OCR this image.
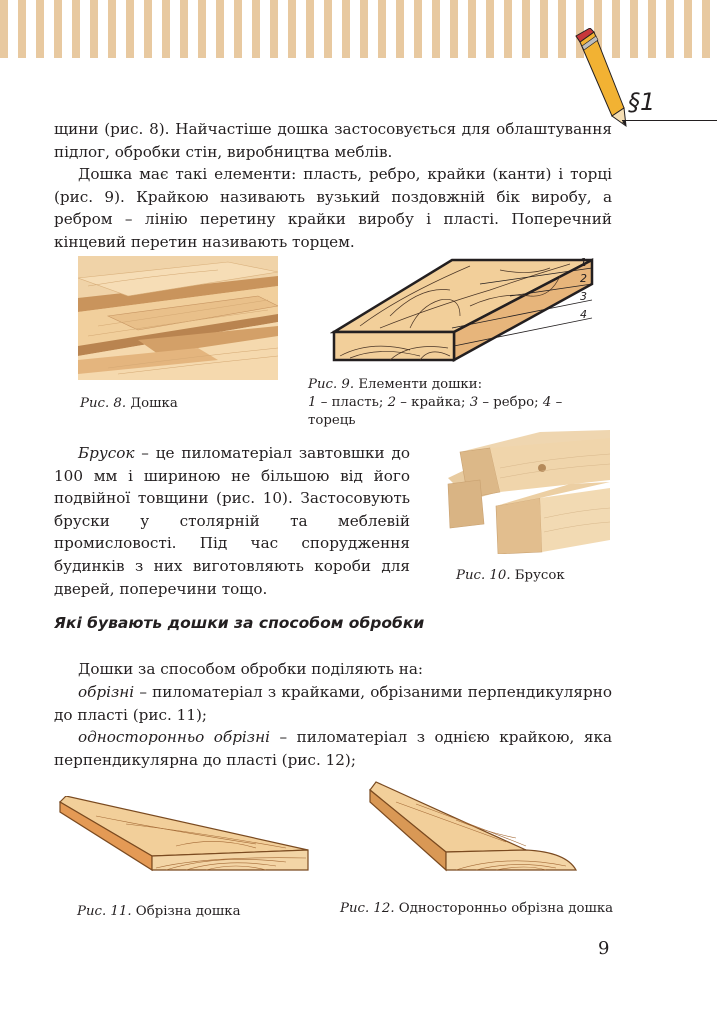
§1

щини (рис. 8). Найчастіше дошка застосовується для облаштування підлог, обробки стін, виробництва меблів.

Дошка має такі елементи: пласть, ребро, крайки (канти) і торці (рис. 9). Крайкою називають вузький поздовжній бік виробу, а ребром – лінію перетину крайки виробу і пласті. Поперечний кінцевий перетин називають торцем.

Рис. 8. Дошка

1
2
3
4

Рис. 9. Елементи дошки:
1 – пласть; 2 – крайка; 3 – ребро; 4 – торець

Брусок – це пиломатеріал завтовшки до 100 мм і шириною не більшою від його подвійної товщини (рис. 10). Застосовують бруски у столярній та меблевій промисловості. Під час спорудження будинків з них виготовляють короби для дверей, поперечини тощо.

Рис. 10. Брусок

Які бувають дошки за способом обробки

Дошки за способом обробки поділяють на:

обрізні – пиломатеріал з крайками, обрізаними перпендикулярно до пласті (рис. 11);

односторонньо обрізні – пиломатеріал з однією крайкою, яка перпендикулярна до пласті (рис. 12);

Рис. 11. Обрізна дошка	Рис. 12. Односторонньо обрізна дошка

9
